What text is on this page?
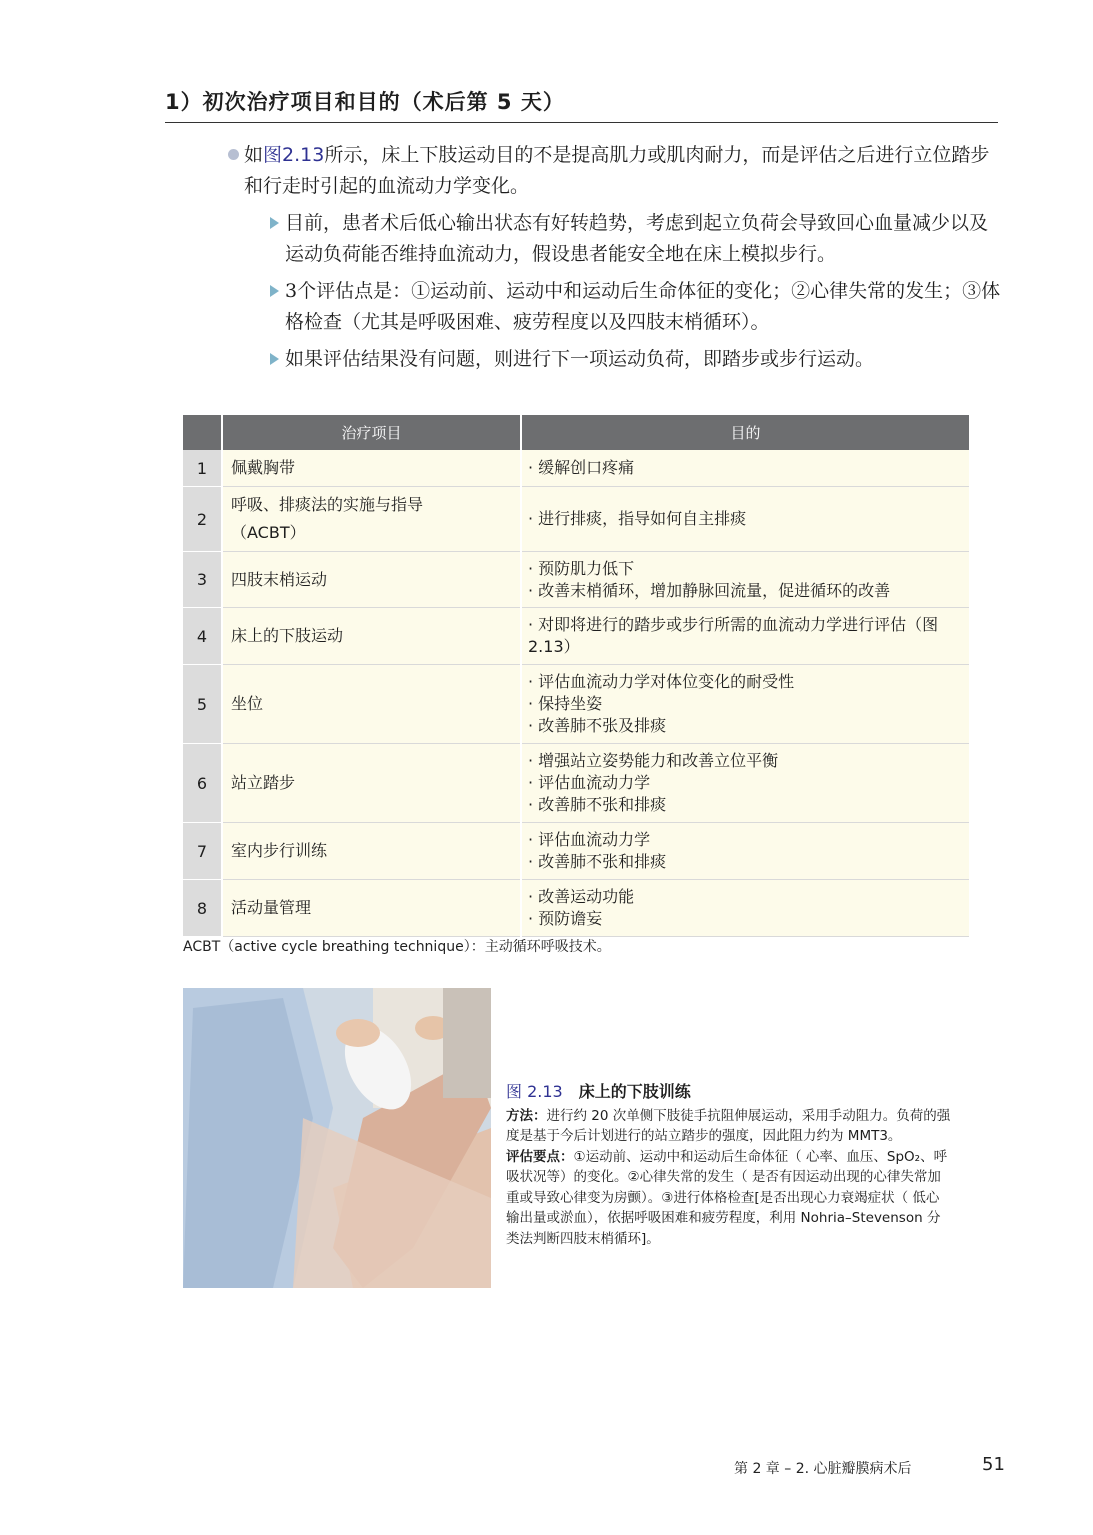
1）初次治疗项目和目的（术后第 5 天）
如图2.13所示，床上下肢运动目的不是提高肌力或肌肉耐力，而是评估之后进行立位踏步和行走时引起的血流动力学变化。
目前，患者术后低心输出状态有好转趋势，考虑到起立负荷会导致回心血量减少以及运动负荷能否维持血流动力，假设患者能安全地在床上模拟步行。
3个评估点是：①运动前、运动中和运动后生命体征的变化；②心律失常的发生；③体格检查（尤其是呼吸困难、疲劳程度以及四肢末梢循环）。
如果评估结果没有问题，则进行下一项运动负荷，即踏步或步行运动。
	治疗项目	目的
1	佩戴胸带	· 缓解创口疼痛

2	呼吸、排痰法的实施与指导
（ACBT）	· 进行排痰，指导如何自主排痰

3	四肢末梢运动	· 预防肌力低下
· 改善末梢循环，增加静脉回流量，促进循环的改善

4	床上的下肢运动	· 对即将进行的踏步或步行所需的血流动力学进行评估（图 2.13）

5	坐位	· 评估血流动力学对体位变化的耐受性
· 保持坐姿
· 改善肺不张及排痰

6	站立踏步	· 增强站立姿势能力和改善立位平衡
· 评估血流动力学
· 改善肺不张和排痰

7	室内步行训练	· 评估血流动力学
· 改善肺不张和排痰

8	活动量管理	· 改善运动功能
· 预防谵妄
ACBT（active cycle breathing technique）：主动循环呼吸技术。
图 2.13 床上的下肢训练
方法：进行约 20 次单侧下肢徒手抗阻伸展运动，采用手动阻力。负荷的强度是基于今后计划进行的站立踏步的强度，因此阻力约为 MMT3。
评估要点：①运动前、运动中和运动后生命体征（ 心率、血压、SpO₂、呼吸状况等）的变化。②心律失常的发生（ 是否有因运动出现的心律失常加重或导致心律变为房颤）。③进行体格检查[是否出现心力衰竭症状（ 低心输出量或淤血），依据呼吸困难和疲劳程度，利用 Nohria–Stevenson 分类法判断四肢末梢循环]。
第 2 章 – 2. 心脏瓣膜病术后	51
